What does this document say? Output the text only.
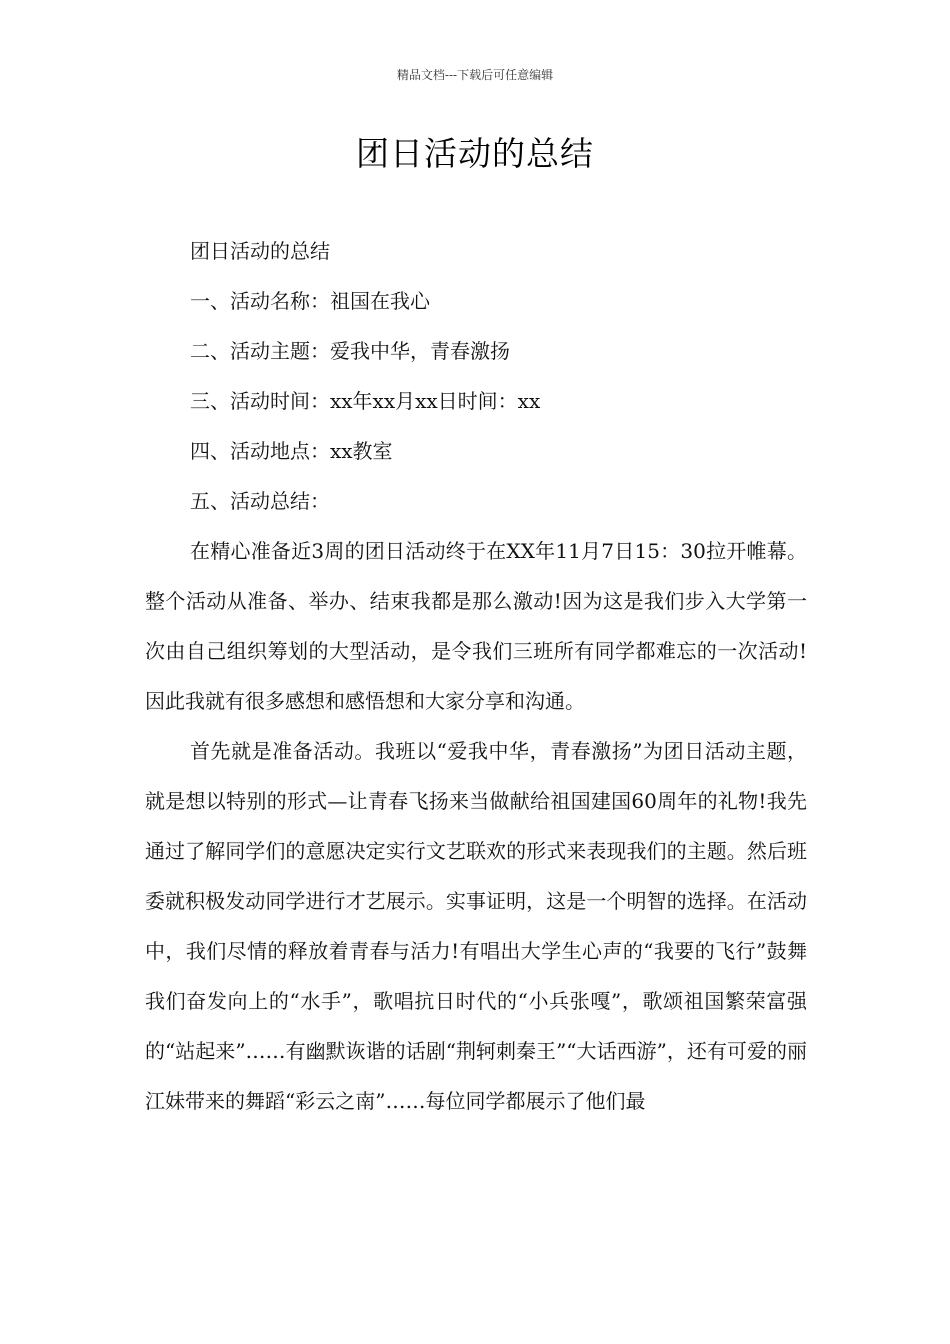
精品文档---下载后可任意编辑
团日活动的总结
团日活动的总结
一、活动名称：祖国在我心
二、活动主题：爱我中华，青春激扬
三、活动时间：xx年xx月xx日时间：xx
四、活动地点：xx教室
五、活动总结：

在精心准备近3周的团日活动终于在XX年11月7日15：30拉开帷幕。整个活动从准备、举办、结束我都是那么激动!因为这是我们步入大学第一次由自己组织筹划的大型活动，是令我们三班所有同学都难忘的一次活动!因此我就有很多感想和感悟想和大家分享和沟通。

首先就是准备活动。我班以“爱我中华，青春激扬”为团日活动主题，就是想以特别的形式—让青春飞扬来当做献给祖国建国60周年的礼物!我先通过了解同学们的意愿决定实行文艺联欢的形式来表现我们的主题。然后班委就积极发动同学进行才艺展示。实事证明，这是一个明智的选择。在活动中，我们尽情的释放着青春与活力!有唱出大学生心声的“我要的飞行”鼓舞我们奋发向上的“水手”，歌唱抗日时代的“小兵张嘎”，歌颂祖国繁荣富强的“站起来”……有幽默诙谐的话剧“荆轲刺秦王”“大话西游”，还有可爱的丽江妹带来的舞蹈“彩云之南”……每位同学都展示了他们最
